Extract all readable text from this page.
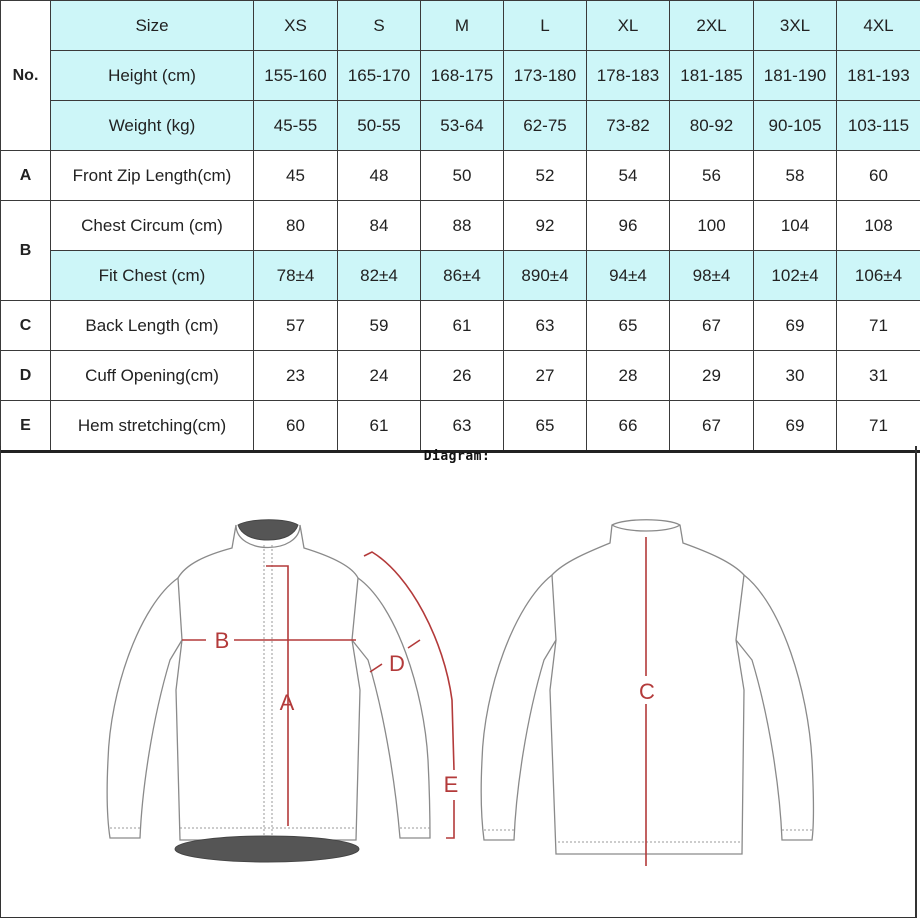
No.	Size	XS	S	M	L	XL	2XL	3XL	4XL
	Height (cm)	155-160	165-170	168-175	173-180	178-183	181-185	181-190	181-193
	Weight (kg)	45-55	50-55	53-64	62-75	73-82	80-92	90-105	103-115
A	Front Zip Length(cm)	45	48	50	52	54	56	58	60
B	Chest Circum (cm)	80	84	88	92	96	100	104	108
	Fit Chest (cm)	78±4	82±4	86±4	890±4	94±4	98±4	102±4	106±4
C	Back Length (cm)	57	59	61	63	65	67	69	71
D	Cuff Opening(cm)	23	24	26	27	28	29	30	31
E	Hem stretching(cm)	60	61	63	65	66	67	69	71
Diagram:
B
A
D
E
C
